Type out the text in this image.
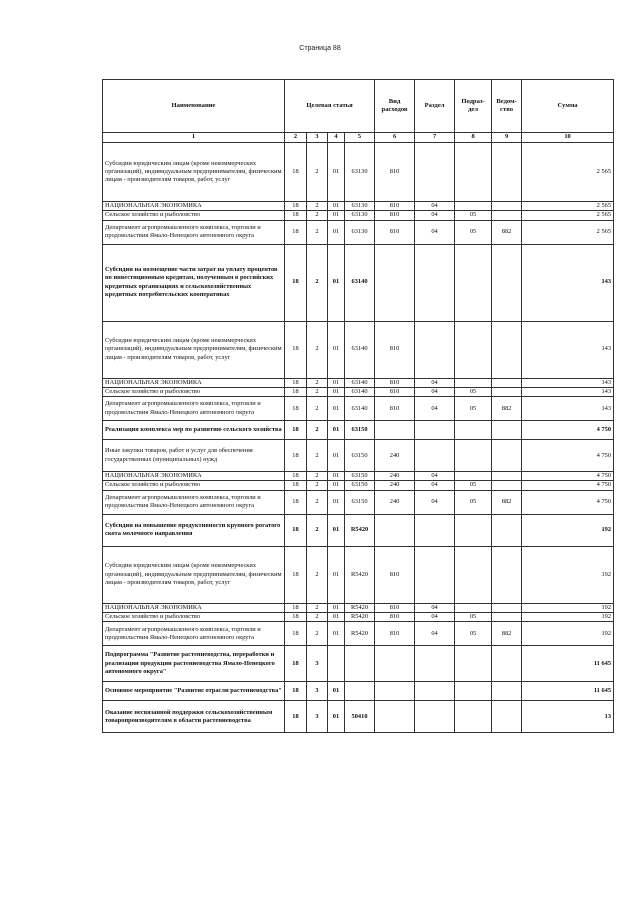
Страница 88
Наименование	Целевая статья				Вид расходов	Раздел	Подраз-дел	Ведом-ство	Сумма
1	2	3	4	5	6	7	8	9	10
Субсидии юридическим лицам (кроме некоммерческих организаций), индивидуальным предпринимателям, физическим лицам - производителям товаров, работ, услуг	18	2	01	63130	810				2 565
НАЦИОНАЛЬНАЯ ЭКОНОМИКА	18	2	01	63130	810	04			2 565
Сельское хозяйство и рыболовство	18	2	01	63130	810	04	05		2 565
Департамент агропромышленного комплекса, торговли и продовольствия Ямало-Ненецкого автономного округа	18	2	01	63130	810	04	05	882	2 565
Субсидии на возмещение части затрат на уплату процентов по инвестиционным кредитам, полученным в российских кредитных организациях и сельскохозяйственных кредитных потребительских кооперативах	18	2	01	63140					143
Субсидии юридическим лицам (кроме некоммерческих организаций), индивидуальным предпринимателям, физическим лицам - производителям товаров, работ, услуг	18	2	01	63140	810				143
НАЦИОНАЛЬНАЯ ЭКОНОМИКА	18	2	01	63140	810	04			143
Сельское хозяйство и рыболовство	18	2	01	63140	810	04	05		143
Департамент агропромышленного комплекса, торговли и продовольствия Ямало-Ненецкого автономного округа	18	2	01	63140	810	04	05	882	143
Реализация комплекса мер по развитию сельского хозяйства	18	2	01	63150					4 750
Иные закупки товаров, работ и услуг для обеспечения государственных (муниципальных) нужд	18	2	01	63150	240				4 750
НАЦИОНАЛЬНАЯ ЭКОНОМИКА	18	2	01	63150	240	04			4 750
Сельское хозяйство и рыболовство	18	2	01	63150	240	04	05		4 750
Департамент агропромышленного комплекса, торговли и продовольствия Ямало-Ненецкого автономного округа	18	2	01	63150	240	04	05	882	4 750
Субсидии на повышение продуктивности крупного рогатого скота молочного направления	18	2	01	R5420					192
Субсидии юридическим лицам (кроме некоммерческих организаций), индивидуальным предпринимателям, физическим лицам - производителям товаров, работ, услуг	18	2	01	R5420	810				192
НАЦИОНАЛЬНАЯ ЭКОНОМИКА	18	2	01	R5420	810	04			192
Сельское хозяйство и рыболовство	18	2	01	R5420	810	04	05		192
Департамент агропромышленного комплекса, торговли и продовольствия Ямало-Ненецкого автономного округа	18	2	01	R5420	810	04	05	882	192
Подпрограмма "Развитие растениеводства, переработки и реализации продукции растениеводства Ямало-Ненецкого автономного округа"	18	3							11 645
Основное мероприятие "Развитие отрасли растениеводства"	18	3	01						11 645
Оказание несвязанной поддержки сельскохозяйственным товаропроизводителям в области растениеводства	18	3	01	50410					13
